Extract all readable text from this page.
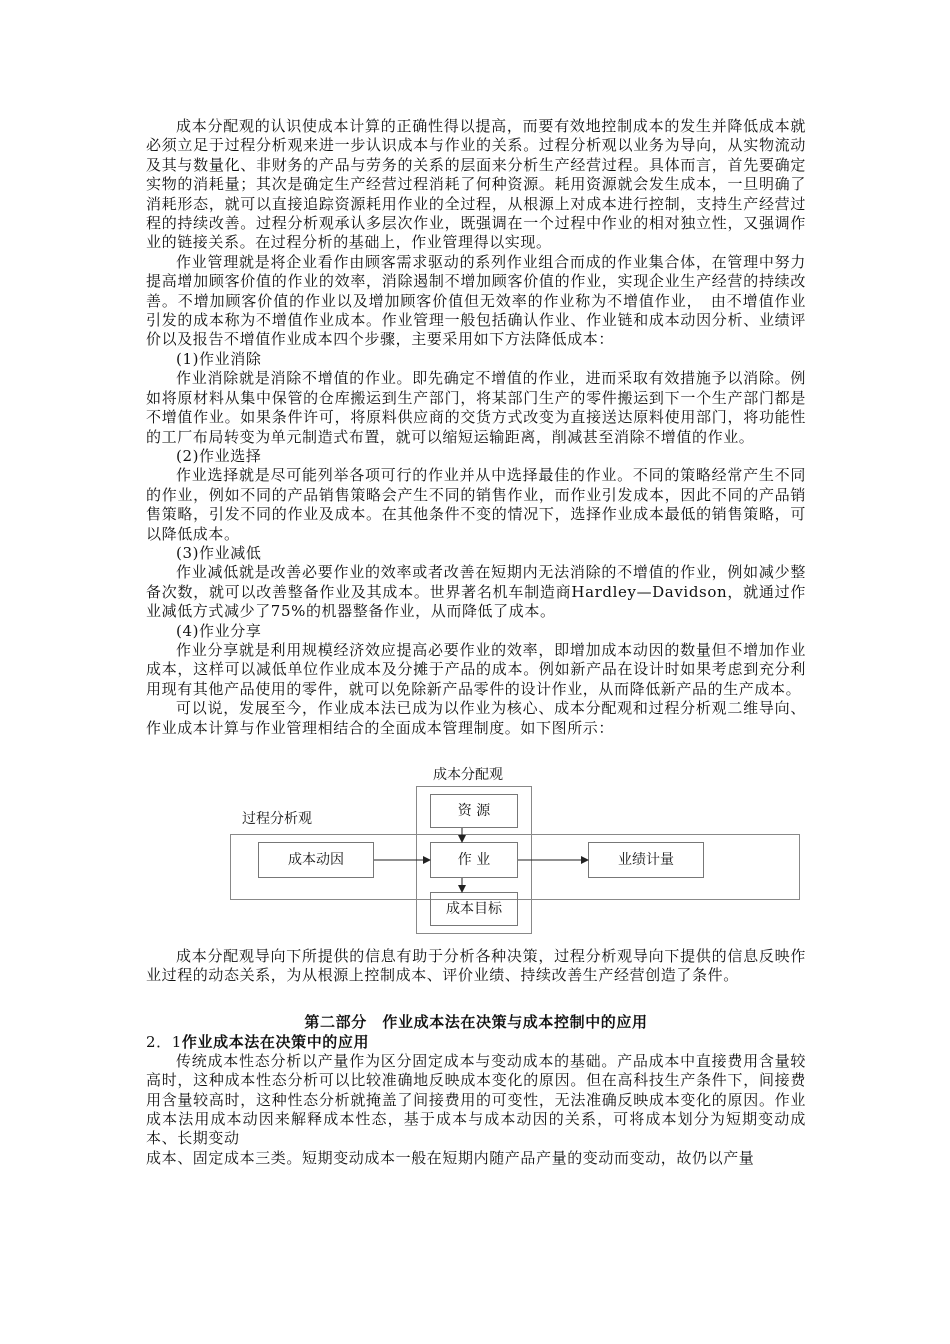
成本分配观的认识使成本计算的正确性得以提高，而要有效地控制成本的发生并降低成本就必须立足于过程分析观来进一步认识成本与作业的关系。过程分析观以业务为导向，从实物流动及其与数量化、非财务的产品与劳务的关系的层面来分析生产经营过程。具体而言，首先要确定实物的消耗量；其次是确定生产经营过程消耗了何种资源。耗用资源就会发生成本，一旦明确了消耗形态，就可以直接追踪资源耗用作业的全过程，从根源上对成本进行控制，支持生产经营过程的持续改善。过程分析观承认多层次作业，既强调在一个过程中作业的相对独立性，又强调作业的链接关系。在过程分析的基础上，作业管理得以实现。

作业管理就是将企业看作由顾客需求驱动的系列作业组合而成的作业集合体，在管理中努力提高增加顾客价值的作业的效率，消除遏制不增加顾客价值的作业，实现企业生产经营的持续改善。不增加顾客价值的作业以及增加顾客价值但无效率的作业称为不增值作业，　由不增值作业引发的成本称为不增值作业成本。作业管理一般包括确认作业、作业链和成本动因分析、业绩评价以及报告不增值作业成本四个步骤，主要采用如下方法降低成本：

(1)作业消除

作业消除就是消除不增值的作业。即先确定不增值的作业，进而采取有效措施予以消除。例如将原材料从集中保管的仓库搬运到生产部门，将某部门生产的零件搬运到下一个生产部门都是不增值作业。如果条件许可，将原料供应商的交货方式改变为直接送达原料使用部门，将功能性的工厂布局转变为单元制造式布置，就可以缩短运输距离，削减甚至消除不增值的作业。

(2)作业选择

作业选择就是尽可能列举各项可行的作业并从中选择最佳的作业。不同的策略经常产生不同的作业，例如不同的产品销售策略会产生不同的销售作业，而作业引发成本，因此不同的产品销售策略，引发不同的作业及成本。在其他条件不变的情况下，选择作业成本最低的销售策略，可以降低成本。

(3)作业减低

作业减低就是改善必要作业的效率或者改善在短期内无法消除的不增值的作业，例如减少整备次数，就可以改善整备作业及其成本。世界著名机车制造商Hardley—Davidson，就通过作业减低方式减少了75%的机器整备作业，从而降低了成本。

(4)作业分享

作业分享就是利用规模经济效应提高必要作业的效率，即增加成本动因的数量但不增加作业成本，这样可以减低单位作业成本及分摊于产品的成本。例如新产品在设计时如果考虑到充分利用现有其他产品使用的零件，就可以免除新产品零件的设计作业，从而降低新产品的生产成本。

可以说，发展至今，作业成本法已成为以作业为核心、成本分配观和过程分析观二维导向、作业成本计算与作业管理相结合的全面成本管理制度。如下图所示：

成本分配观
过程分析观	资 源
作 业
成本动因	业绩计量
成本目标

成本分配观导向下所提供的信息有助于分析各种决策，过程分析观导向下提供的信息反映作业过程的动态关系，为从根源上控制成本、评价业绩、持续改善生产经营创造了条件。

第二部分　作业成本法在决策与成本控制中的应用

2．1作业成本法在决策中的应用

传统成本性态分析以产量作为区分固定成本与变动成本的基础。产品成本中直接费用含量较高时，这种成本性态分析可以比较准确地反映成本变化的原因。但在高科技生产条件下，间接费用含量较高时，这种性态分析就掩盖了间接费用的可变性，无法准确反映成本变化的原因。作业成本法用成本动因来解释成本性态，基于成本与成本动因的关系，可将成本划分为短期变动成本、长期变动

成本、固定成本三类。短期变动成本一般在短期内随产品产量的变动而变动，故仍以产量
